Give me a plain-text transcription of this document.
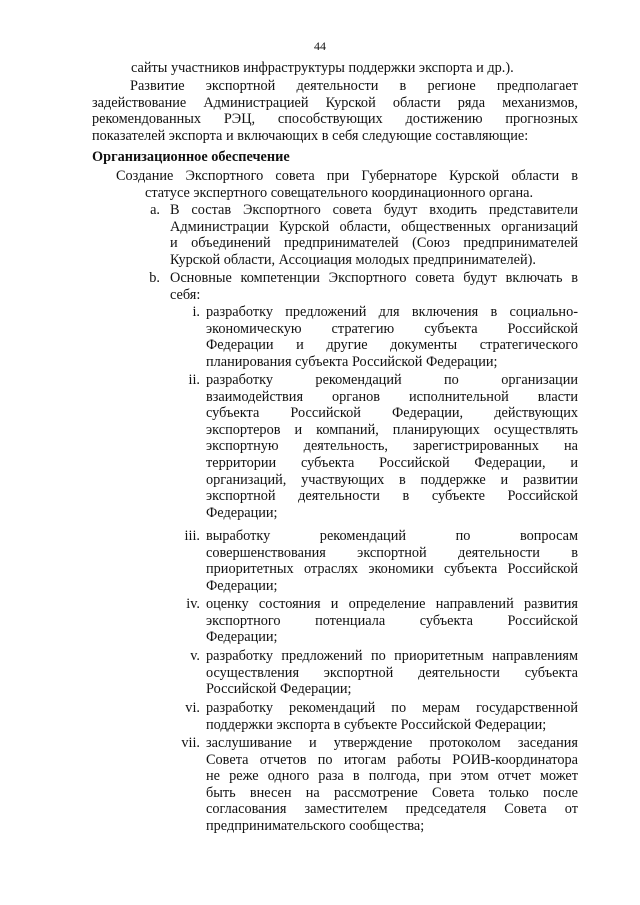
44
сайты участников инфраструктуры поддержки экспорта и др.).
Развитие экспортной деятельности в регионе предполагает
задействование Администрацией Курской области ряда механизмов,
рекомендованных РЭЦ, способствующих достижению прогнозных
показателей экспорта и включающих в себя следующие составляющие:
Организационное обеспечение
Создание Экспортного совета при Губернаторе Курской области в
статусе экспертного совещательного координационного органа.
a. В состав Экспортного совета будут входить представители
Администрации Курской области, общественных организаций
и объединений предпринимателей (Союз предпринимателей
Курской области, Ассоциация молодых предпринимателей).
b. Основные компетенции Экспортного совета будут включать в
себя:
i. разработку предложений для включения в социально-
экономическую стратегию субъекта Российской
Федерации и другие документы стратегического
планирования субъекта Российской Федерации;
ii. разработку рекомендаций по организации
взаимодействия органов исполнительной власти
субъекта Российской Федерации, действующих
экспортеров и компаний, планирующих осуществлять
экспортную деятельность, зарегистрированных на
территории субъекта Российской Федерации, и
организаций, участвующих в поддержке и развитии
экспортной деятельности в субъекте Российской
Федерации;
iii. выработку рекомендаций по вопросам
совершенствования экспортной деятельности в
приоритетных отраслях экономики субъекта Российской
Федерации;
iv. оценку состояния и определение направлений развития
экспортного потенциала субъекта Российской
Федерации;
v. разработку предложений по приоритетным направлениям
осуществления экспортной деятельности субъекта
Российской Федерации;
vi. разработку рекомендаций по мерам государственной
поддержки экспорта в субъекте Российской Федерации;
vii. заслушивание и утверждение протоколом заседания
Совета отчетов по итогам работы РОИВ-координатора
не реже одного раза в полгода, при этом отчет может
быть внесен на рассмотрение Совета только после
согласования заместителем председателя Совета от
предпринимательского сообщества;
